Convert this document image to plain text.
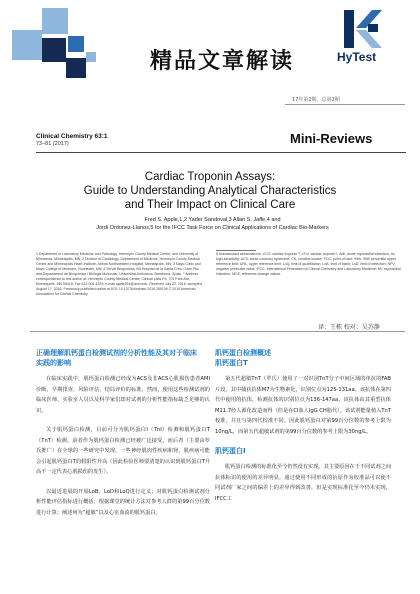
精品文章解读	HyTest
17年第2期，总第2期
Clinical Chemistry 63:1
73–81 (2017)	Mini-Reviews
Cardiac Troponin Assays:
Guide to Understanding Analytical Characteristics
and Their Impact on Clinical Care
Fred S. Apple,1,2 Yader Sandoval,3 Allan S. Jaffe,4 and
Jordi Ordonez-Llanos,5 for the IFCC Task Force on Clinical Applications of Cardiac Bio-Markers
1 Department of Laboratory Medicine and Pathology, Hennepin County Medical Center, and University of Minnesota, Minneapolis, MN; 2 Division of Cardiology, Department of Medicine, Hennepin County Medical Center and Minneapolis Heart Institute, Abbott Northwestern Hospital, Minneapolis, MN; 3 Mayo Clinic and Mayo College of Medicine, Rochester, MN; 4 Servei Bioquímica, IIB-Hospital de la Santa Creu i Sant Pau and Departament de Bioquímica i Biologia Molecular, Universitat Autònoma, Barcelona, Spain. * Address correspondence to this author at: Hennepin County Medical Center, Clinical Labs P4, 701 Park Ave, Minneapolis, MN 55415. Fax 612-904-4229; e-mail apple004@umn.edu. Received July 22, 2016; accepted August 17, 2016. Previously published online at DOI: 10.1373/clinchem.2016.255109 © 2016 American Association for Clinical Chemistry
5 Nonstandard abbreviations: cTnT, cardiac troponin T; cTnI, cardiac troponin I; AMI, acute myocardial infarction; hs, high-sensitivity; ACS, acute coronary syndrome; CK, creatine kinase; POC, point of care; 99th, 99th percentile upper reference limit; URL, upper reference limit; LoQ, limit of quantitation; LoB, limit of blank; LoD, limit of detection; NPV, negative predictive value; IFCC, International Federation of Clinical Chemistry and Laboratory Medicine; MI, myocardial infarction; MCE, reference change values.
译：王栋 校对：吴苏静
正确理解肌钙蛋白检测试剂的分析性能及其对于临床
实践的影响

在临床实践中，肌钙蛋白检测已经成为ACS及非ACS心肌损伤患者AMI诊断、早期排查、风险评估、结局评价的标准。然而，使用这些检测试剂的临床医师、实验室人员以及科学家们却对试剂的分析性能指标缺乏足够的认识。

关于肌钙蛋白检测，目前可分为肌钙蛋白I（TnI）检测和肌钙蛋白T（TnT）检测。前者作为肌钙蛋白检测已经被广泛接受，而后者（主要由罗氏推广）在全球的一些研究中发现，一些神经肌肉性疾病和肾，肌疾病可能会引起肌钙蛋白T的假阳性升高（因此检验医师要清楚的认识到肌钙蛋白T升高不一定代表心肌损伤的发生）。

以最近进展的开展LoB、LoD和LoQ进行定义；对肌钙蛋白检测试剂分析性能评估指标进行概括；根据课堂的统计方法对参考人群的第99百分位数进行计算；阐述何为“超敏”以及心室血流的肌钙蛋白。

肌钙蛋白检测概述
肌钙蛋白T

第五代超敏TnT（罗氏）使用了一对识别TnT分子中间区域的单抗的FAB片段。其中捕获抗体M7为生物素化，识别位点为125-131aa。该抗体在第四代中使用的抗体，检测抗体的识别位点为136-147aa。该抗体由其重型抗体M11.7经人源化改造而得（但是在Cl血人IgG CH脂代）。该试剂能量植入TnT校准，并且与第四代校准不同。因此肌钙蛋白对第99百分位数的参考上限为10ng/L，而第五代超敏试剂的第99百分位数的参考上限为30ng/L。

肌钙蛋白I

肌钙蛋白检测的标准化至今仍然没有实现。其主要原因在于不同试剂之间抗体标识的使用的差异明显。通过使用不同形成的抗原作为校准品可以使不同试剂厂家之间的偏差上的差异得到改善，但是实现标准化至今仍未实现，IFCC工
